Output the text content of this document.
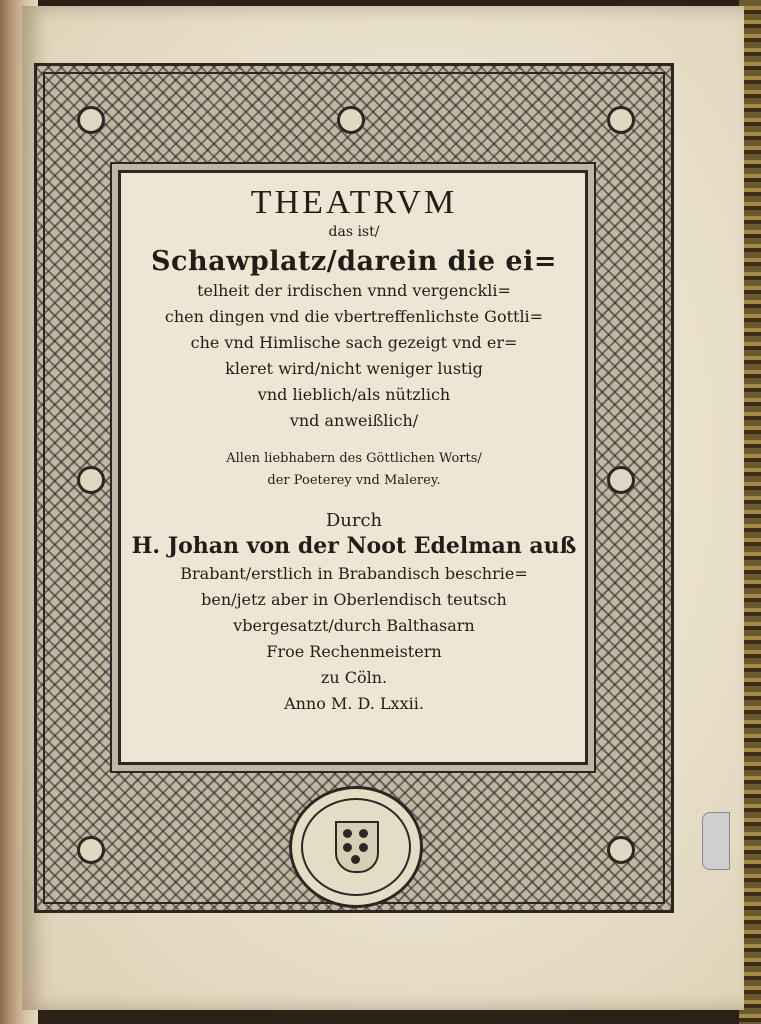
THEATRVM
das ist/
Schawplatz/darein die ei=
telheit der irdischen vnnd vergenckli=
chen dingen vnd die vbertreffenlichste Gottli=
che vnd Himlische sach gezeigt vnd er=
kleret wird/nicht weniger lustig
vnd lieblich/als nützlich
vnd anweißlich/
Allen liebhabern des Göttlichen Worts/
der Poeterey vnd Malerey.
Durch
H. Johan von der Noot Edelman auß
Brabant/erstlich in Brabandisch beschrie=
ben/jetz aber in Oberlendisch teutsch
vbergesatzt/durch Balthasarn
Froe Rechenmeistern
zu Cöln.
Anno M. D. Lxxii.
